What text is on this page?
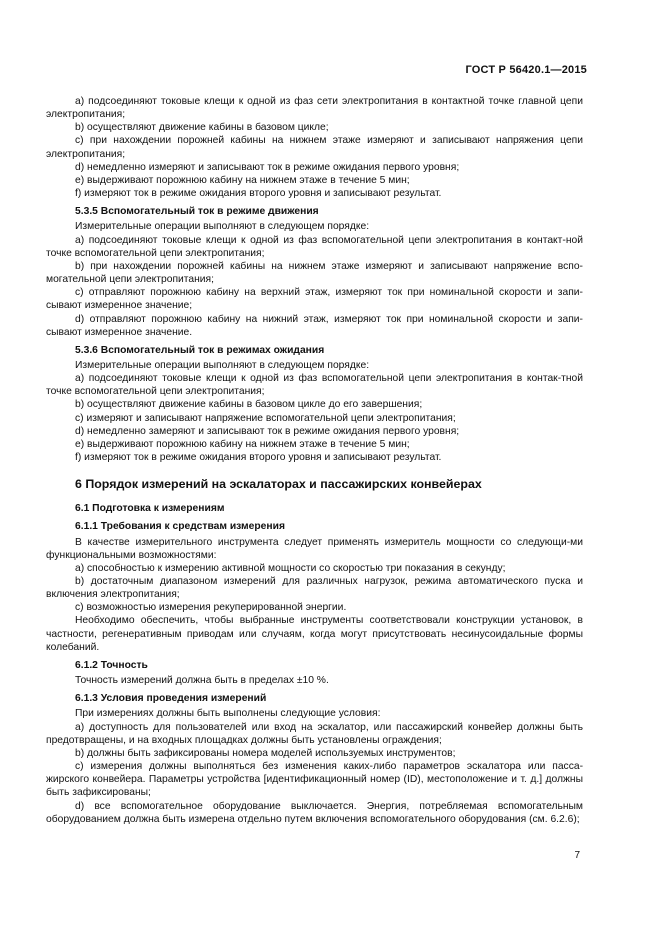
ГОСТ Р 56420.1—2015

a) подсоединяют токовые клещи к одной из фаз сети электропитания в контактной точке главной цепи электропитания;

b) осуществляют движение кабины в базовом цикле;

c) при нахождении порожней кабины на нижнем этаже измеряют и записывают напряжения цепи электропитания;

d) немедленно измеряют и записывают ток в режиме ожидания первого уровня;

e) выдерживают порожнюю кабину на нижнем этаже в течение 5 мин;

f) измеряют ток в режиме ожидания второго уровня и записывают результат.

5.3.5 Вспомогательный ток в режиме движения

Измерительные операции выполняют в следующем порядке:

a) подсоединяют токовые клещи к одной из фаз вспомогательной цепи электропитания в контакт-ной точке вспомогательной цепи электропитания;

b) при нахождении порожней кабины на нижнем этаже измеряют и записывают напряжение вспо-могательной цепи электропитания;

c) отправляют порожнюю кабину на верхний этаж, измеряют ток при номинальной скорости и запи-сывают измеренное значение;

d) отправляют порожнюю кабину на нижний этаж, измеряют ток при номинальной скорости и запи-сывают измеренное значение.

5.3.6 Вспомогательный ток в режимах ожидания

Измерительные операции выполняют в следующем порядке:

a) подсоединяют токовые клещи к одной из фаз вспомогательной цепи электропитания в контак-тной точке вспомогательной цепи электропитания;

b) осуществляют движение кабины в базовом цикле до его завершения;

c) измеряют и записывают напряжение вспомогательной цепи электропитания;

d) немедленно замеряют и записывают ток в режиме ожидания первого уровня;

e) выдерживают порожнюю кабину на нижнем этаже в течение 5 мин;

f) измеряют ток в режиме ожидания второго уровня и записывают результат.

6 Порядок измерений на эскалаторах и пассажирских конвейерах

6.1 Подготовка к измерениям

6.1.1 Требования к средствам измерения

В качестве измерительного инструмента следует применять измеритель мощности со следующи-ми функциональными возможностями:

a) способностью к измерению активной мощности со скоростью три показания в секунду;

b) достаточным диапазоном измерений для различных нагрузок, режима автоматического пуска и включения электропитания;

c) возможностью измерения рекуперированной энергии.

Необходимо обеспечить, чтобы выбранные инструменты соответствовали конструкции установок, в частности, регенеративным приводам или случаям, когда могут присутствовать несинусоидальные формы колебаний.

6.1.2 Точность

Точность измерений должна быть в пределах ±10 %.

6.1.3 Условия проведения измерений

При измерениях должны быть выполнены следующие условия:

a) доступность для пользователей или вход на эскалатор, или пассажирский конвейер должны быть предотвращены, и на входных площадках должны быть установлены ограждения;

b) должны быть зафиксированы номера моделей используемых инструментов;

c) измерения должны выполняться без изменения каких-либо параметров эскалатора или пасса-жирского конвейера. Параметры устройства [идентификационный номер (ID), местоположение и т. д.] должны быть зафиксированы;

d) все вспомогательное оборудование выключается. Энергия, потребляемая вспомогательным оборудованием должна быть измерена отдельно путем включения вспомогательного оборудования (см. 6.2.6);

7
